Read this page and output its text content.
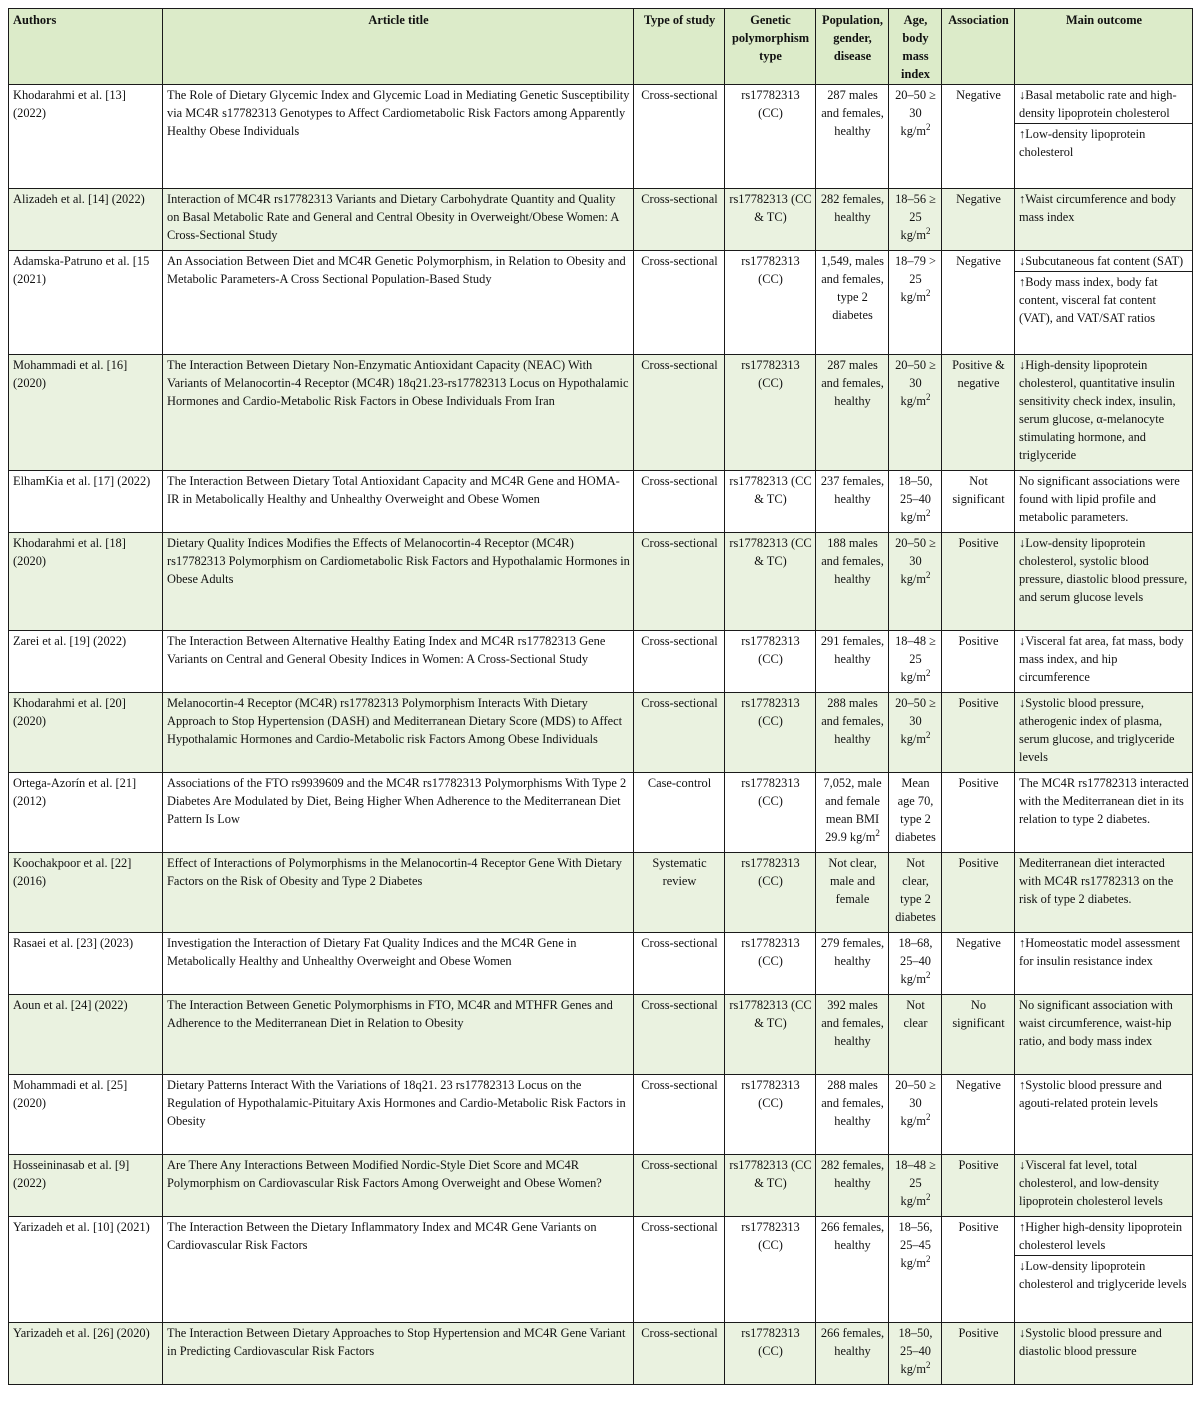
Authors	Article title	Type of study	Genetic polymorphism type	Population, gender, disease	Age, body mass index	Association	Main outcome
Khodarahmi et al. [13] (2022)	The Role of Dietary Glycemic Index and Glycemic Load in Mediating Genetic Susceptibility via MC4R s17782313 Genotypes to Affect Cardiometabolic Risk Factors among Apparently Healthy Obese Individuals	Cross-sectional	rs17782313 (CC)	287 males and females, healthy	20–50 ≥ 30 $kg/m^2$	Negative	↓Basal metabolic rate and high-density lipoprotein cholesterol
↑Low-density lipoprotein cholesterol

Alizadeh et al. [14] (2022)	Interaction of MC4R rs17782313 Variants and Dietary Carbohydrate Quantity and Quality on Basal Metabolic Rate and General and Central Obesity in Overweight/Obese Women: A Cross-Sectional Study	Cross-sectional	rs17782313 (CC & TC)	282 females, healthy	18–56 ≥ 25 $kg/m^2$	Negative	↑Waist circumference and body mass index

Adamska-Patruno et al. [15 (2021)	An Association Between Diet and MC4R Genetic Polymorphism, in Relation to Obesity and Metabolic Parameters-A Cross Sectional Population-Based Study	Cross-sectional	rs17782313 (CC)	1,549, males and females, type 2 diabetes	18–79 > 25 $kg/m^2$	Negative	↓Subcutaneous fat content (SAT)
↑Body mass index, body fat content, visceral fat content (VAT), and VAT/SAT ratios

Mohammadi et al. [16] (2020)	The Interaction Between Dietary Non-Enzymatic Antioxidant Capacity (NEAC) With Variants of Melanocortin-4 Receptor (MC4R) 18q21.23-rs17782313 Locus on Hypothalamic Hormones and Cardio-Metabolic Risk Factors in Obese Individuals From Iran	Cross-sectional	rs17782313 (CC)	287 males and females, healthy	20–50 ≥ 30 $kg/m^2$	Positive & negative	↓High-density lipoprotein cholesterol, quantitative insulin sensitivity check index, insulin, serum glucose, α-melanocyte stimulating hormone, and triglyceride

ElhamKia et al. [17] (2022)	The Interaction Between Dietary Total Antioxidant Capacity and MC4R Gene and HOMA-IR in Metabolically Healthy and Unhealthy Overweight and Obese Women	Cross-sectional	rs17782313 (CC & TC)	237 females, healthy	18–50, 25–40 $kg/m^2$	Not significant	No significant associations were found with lipid profile and metabolic parameters.

Khodarahmi et al. [18] (2020)	Dietary Quality Indices Modifies the Effects of Melanocortin-4 Receptor (MC4R) rs17782313 Polymorphism on Cardiometabolic Risk Factors and Hypothalamic Hormones in Obese Adults	Cross-sectional	rs17782313 (CC & TC)	188 males and females, healthy	20–50 ≥ 30 $kg/m^2$	Positive	↓Low-density lipoprotein cholesterol, systolic blood pressure, diastolic blood pressure, and serum glucose levels

Zarei et al. [19] (2022)	The Interaction Between Alternative Healthy Eating Index and MC4R rs17782313 Gene Variants on Central and General Obesity Indices in Women: A Cross-Sectional Study	Cross-sectional	rs17782313 (CC)	291 females, healthy	18–48 ≥ 25 $kg/m^2$	Positive	↓Visceral fat area, fat mass, body mass index, and hip circumference

Khodarahmi et al. [20] (2020)	Melanocortin-4 Receptor (MC4R) rs17782313 Polymorphism Interacts With Dietary Approach to Stop Hypertension (DASH) and Mediterranean Dietary Score (MDS) to Affect Hypothalamic Hormones and Cardio-Metabolic risk Factors Among Obese Individuals	Cross-sectional	rs17782313 (CC)	288 males and females, healthy	20–50 ≥ 30 $kg/m^2$	Positive	↓Systolic blood pressure, atherogenic index of plasma, serum glucose, and triglyceride levels

Ortega-Azorín et al. [21] (2012)	Associations of the FTO rs9939609 and the MC4R rs17782313 Polymorphisms With Type 2 Diabetes Are Modulated by Diet, Being Higher When Adherence to the Mediterranean Diet Pattern Is Low	Case-control	rs17782313 (CC)	7,052, male and female mean BMI 29.9 $kg/m^2$	Mean age 70, type 2 diabetes	Positive	The MC4R rs17782313 interacted with the Mediterranean diet in its relation to type 2 diabetes.

Koochakpoor et al. [22] (2016)	Effect of Interactions of Polymorphisms in the Melanocortin-4 Receptor Gene With Dietary Factors on the Risk of Obesity and Type 2 Diabetes	Systematic review	rs17782313 (CC)	Not clear, male and female	Not clear, type 2 diabetes	Positive	Mediterranean diet interacted with MC4R rs17782313 on the risk of type 2 diabetes.

Rasaei et al. [23] (2023)	Investigation the Interaction of Dietary Fat Quality Indices and the MC4R Gene in Metabolically Healthy and Unhealthy Overweight and Obese Women	Cross-sectional	rs17782313 (CC)	279 females, healthy	18–68, 25–40 $kg/m^2$	Negative	↑Homeostatic model assessment for insulin resistance index

Aoun et al. [24] (2022)	The Interaction Between Genetic Polymorphisms in FTO, MC4R and MTHFR Genes and Adherence to the Mediterranean Diet in Relation to Obesity	Cross-sectional	rs17782313 (CC & TC)	392 males and females, healthy	Not clear	No significant	No significant association with waist circumference, waist-hip ratio, and body mass index

Mohammadi et al. [25] (2020)	Dietary Patterns Interact With the Variations of 18q21. 23 rs17782313 Locus on the Regulation of Hypothalamic-Pituitary Axis Hormones and Cardio-Metabolic Risk Factors in Obesity	Cross-sectional	rs17782313 (CC)	288 males and females, healthy	20–50 ≥ 30 $kg/m^2$	Negative	↑Systolic blood pressure and agouti-related protein levels

Hosseininasab et al. [9] (2022)	Are There Any Interactions Between Modified Nordic-Style Diet Score and MC4R Polymorphism on Cardiovascular Risk Factors Among Overweight and Obese Women?	Cross-sectional	rs17782313 (CC & TC)	282 females, healthy	18–48 ≥ 25 $kg/m^2$	Positive	↓Visceral fat level, total cholesterol, and low-density lipoprotein cholesterol levels

Yarizadeh et al. [10] (2021)	The Interaction Between the Dietary Inflammatory Index and MC4R Gene Variants on Cardiovascular Risk Factors	Cross-sectional	rs17782313 (CC)	266 females, healthy	18–56, 25–45 $kg/m^2$	Positive	↑Higher high-density lipoprotein cholesterol levels
↓Low-density lipoprotein cholesterol and triglyceride levels

Yarizadeh et al. [26] (2020)	The Interaction Between Dietary Approaches to Stop Hypertension and MC4R Gene Variant in Predicting Cardiovascular Risk Factors	Cross-sectional	rs17782313 (CC)	266 females, healthy	18–50, 25–40 $kg/m^2$	Positive	↓Systolic blood pressure and diastolic blood pressure
